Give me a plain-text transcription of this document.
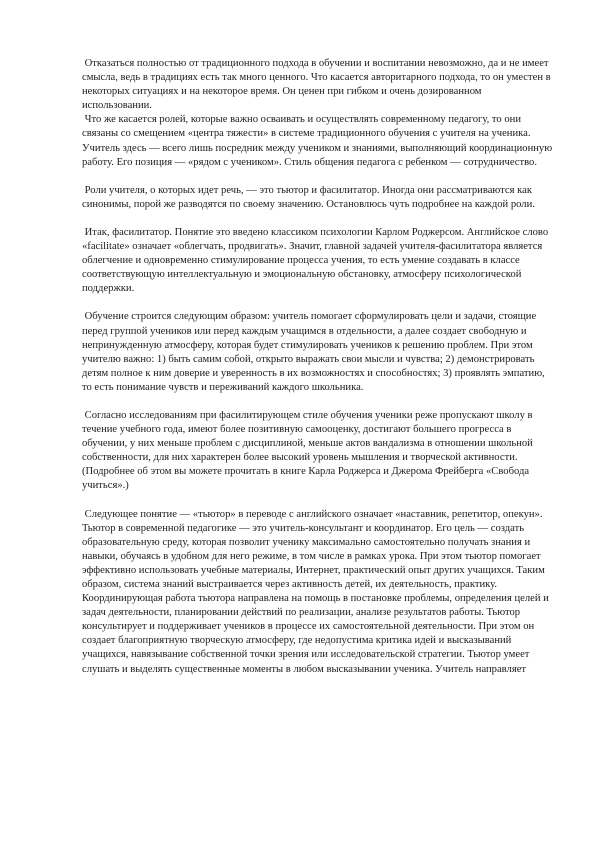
Отказаться полностью от традиционного подхода в обучении и воспитании невозможно, да и не имеет смысла, ведь в традициях есть так много ценного. Что касается авторитарного подхода, то он уместен в некоторых ситуациях и на некоторое время. Он ценен при гибком и очень дозированном использовании.

Что же касается ролей, которые важно осваивать и осуществлять современному педагогу, то они связаны со смещением «центра тяжести» в системе традиционного обучения с учителя на ученика. Учитель здесь — всего лишь посредник между учеником и знаниями, выполняющий координационную работу. Его позиция — «рядом с учеником». Стиль общения педагога с ребенком — сотрудничество.

Роли учителя, о которых идет речь, — это тьютор и фасилитатор. Иногда они рассматриваются как синонимы, порой же разводятся по своему значению. Остановлюсь чуть подробнее на каждой роли.

Итак, фасилитатор. Понятие это введено классиком психологии Карлом Роджерсом. Английское слово «facilitate» означает «облегчать, продвигать». Значит, главной задачей учителя-фасилитатора является облегчение и одновременно стимулирование процесса учения, то есть умение создавать в классе соответствующую интеллектуальную и эмоциональную обстановку, атмосферу психологической поддержки.

Обучение строится следующим образом: учитель помогает сформулировать цели и задачи, стоящие перед группой учеников или перед каждым учащимся в отдельности, а далее создает свободную и непринужденную атмосферу, которая будет стимулировать учеников к решению проблем. При этом учителю важно: 1) быть самим собой, открыто выражать свои мысли и чувства; 2) демонстрировать детям полное к ним доверие и уверенность в их возможностях и способностях; 3) проявлять эмпатию, то есть понимание чувств и переживаний каждого школьника.

Согласно исследованиям при фасилитирующем стиле обучения ученики реже пропускают школу в течение учебного года, имеют более позитивную самооценку, достигают большего прогресса в обучении, у них меньше проблем с дисциплиной, меньше актов вандализма в отношении школьной собственности, для них характерен более высокий уровень мышления и творческой активности. (Подробнее об этом вы можете прочитать в книге Карла Роджерса и Джерома Фрейберга «Свобода учиться».)

Следующее понятие — «тьютор» в переводе с английского означает «наставник, репетитор, опекун». Тьютор в современной педагогике — это учитель-консультант и координатор. Его цель — создать образовательную среду, которая позволит ученику максимально самостоятельно получать знания и навыки, обучаясь в удобном для него режиме, в том числе в рамках урока. При этом тьютор помогает эффективно использовать учебные материалы, Интернет, практический опыт других учащихся. Таким образом, система знаний выстраивается через активность детей, их деятельность, практику. Координирующая работа тьютора направлена на помощь в постановке проблемы, определения целей и задач деятельности, планировании действий по реализации, анализе результатов работы. Тьютор консультирует и поддерживает учеников в процессе их самостоятельной деятельности. При этом он создает благоприятную творческую атмосферу, где недопустима критика идей и высказываний учащихся, навязывание собственной точки зрения или исследовательской стратегии. Тьютор умеет слушать и выделять существенные моменты в любом высказывании ученика. Учитель направляет
